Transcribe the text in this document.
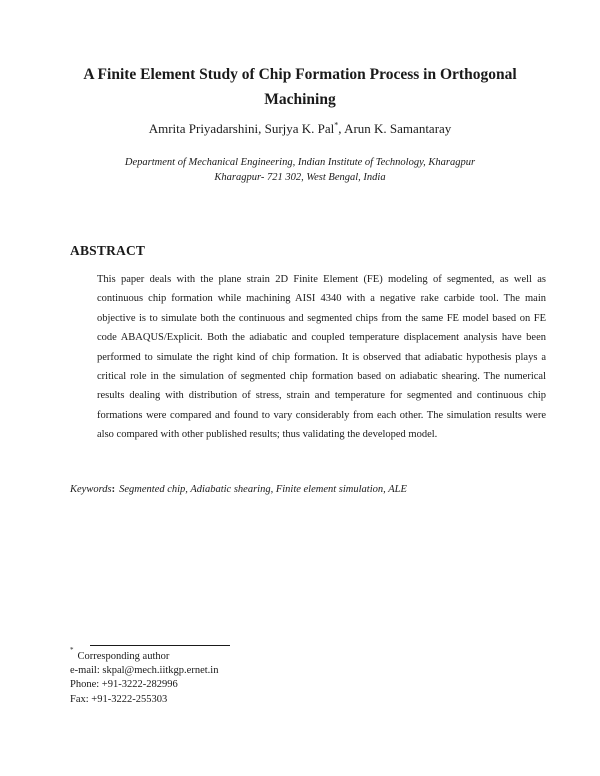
A Finite Element Study of Chip Formation Process in Orthogonal
Machining
Amrita Priyadarshini, Surjya K. Pal*, Arun K. Samantaray
Department of Mechanical Engineering, Indian Institute of Technology, Kharagpur
Kharagpur- 721 302, West Bengal, India
ABSTRACT
This paper deals with the plane strain 2D Finite Element (FE) modeling of segmented, as well as continuous chip formation while machining AISI 4340 with a negative rake carbide tool. The main objective is to simulate both the continuous and segmented chips from the same FE model based on FE code ABAQUS/Explicit. Both the adiabatic and coupled temperature displacement analysis have been performed to simulate the right kind of chip formation. It is observed that adiabatic hypothesis plays a critical role in the simulation of segmented chip formation based on adiabatic shearing. The numerical results dealing with distribution of stress, strain and temperature for segmented and continuous chip formations were compared and found to vary considerably from each other. The simulation results were also compared with other published results; thus validating the developed model.
Keywords: Segmented chip, Adiabatic shearing, Finite element simulation, ALE
*Corresponding author
e-mail: skpal@mech.iitkgp.ernet.in
Phone: +91-3222-282996
Fax: +91-3222-255303
